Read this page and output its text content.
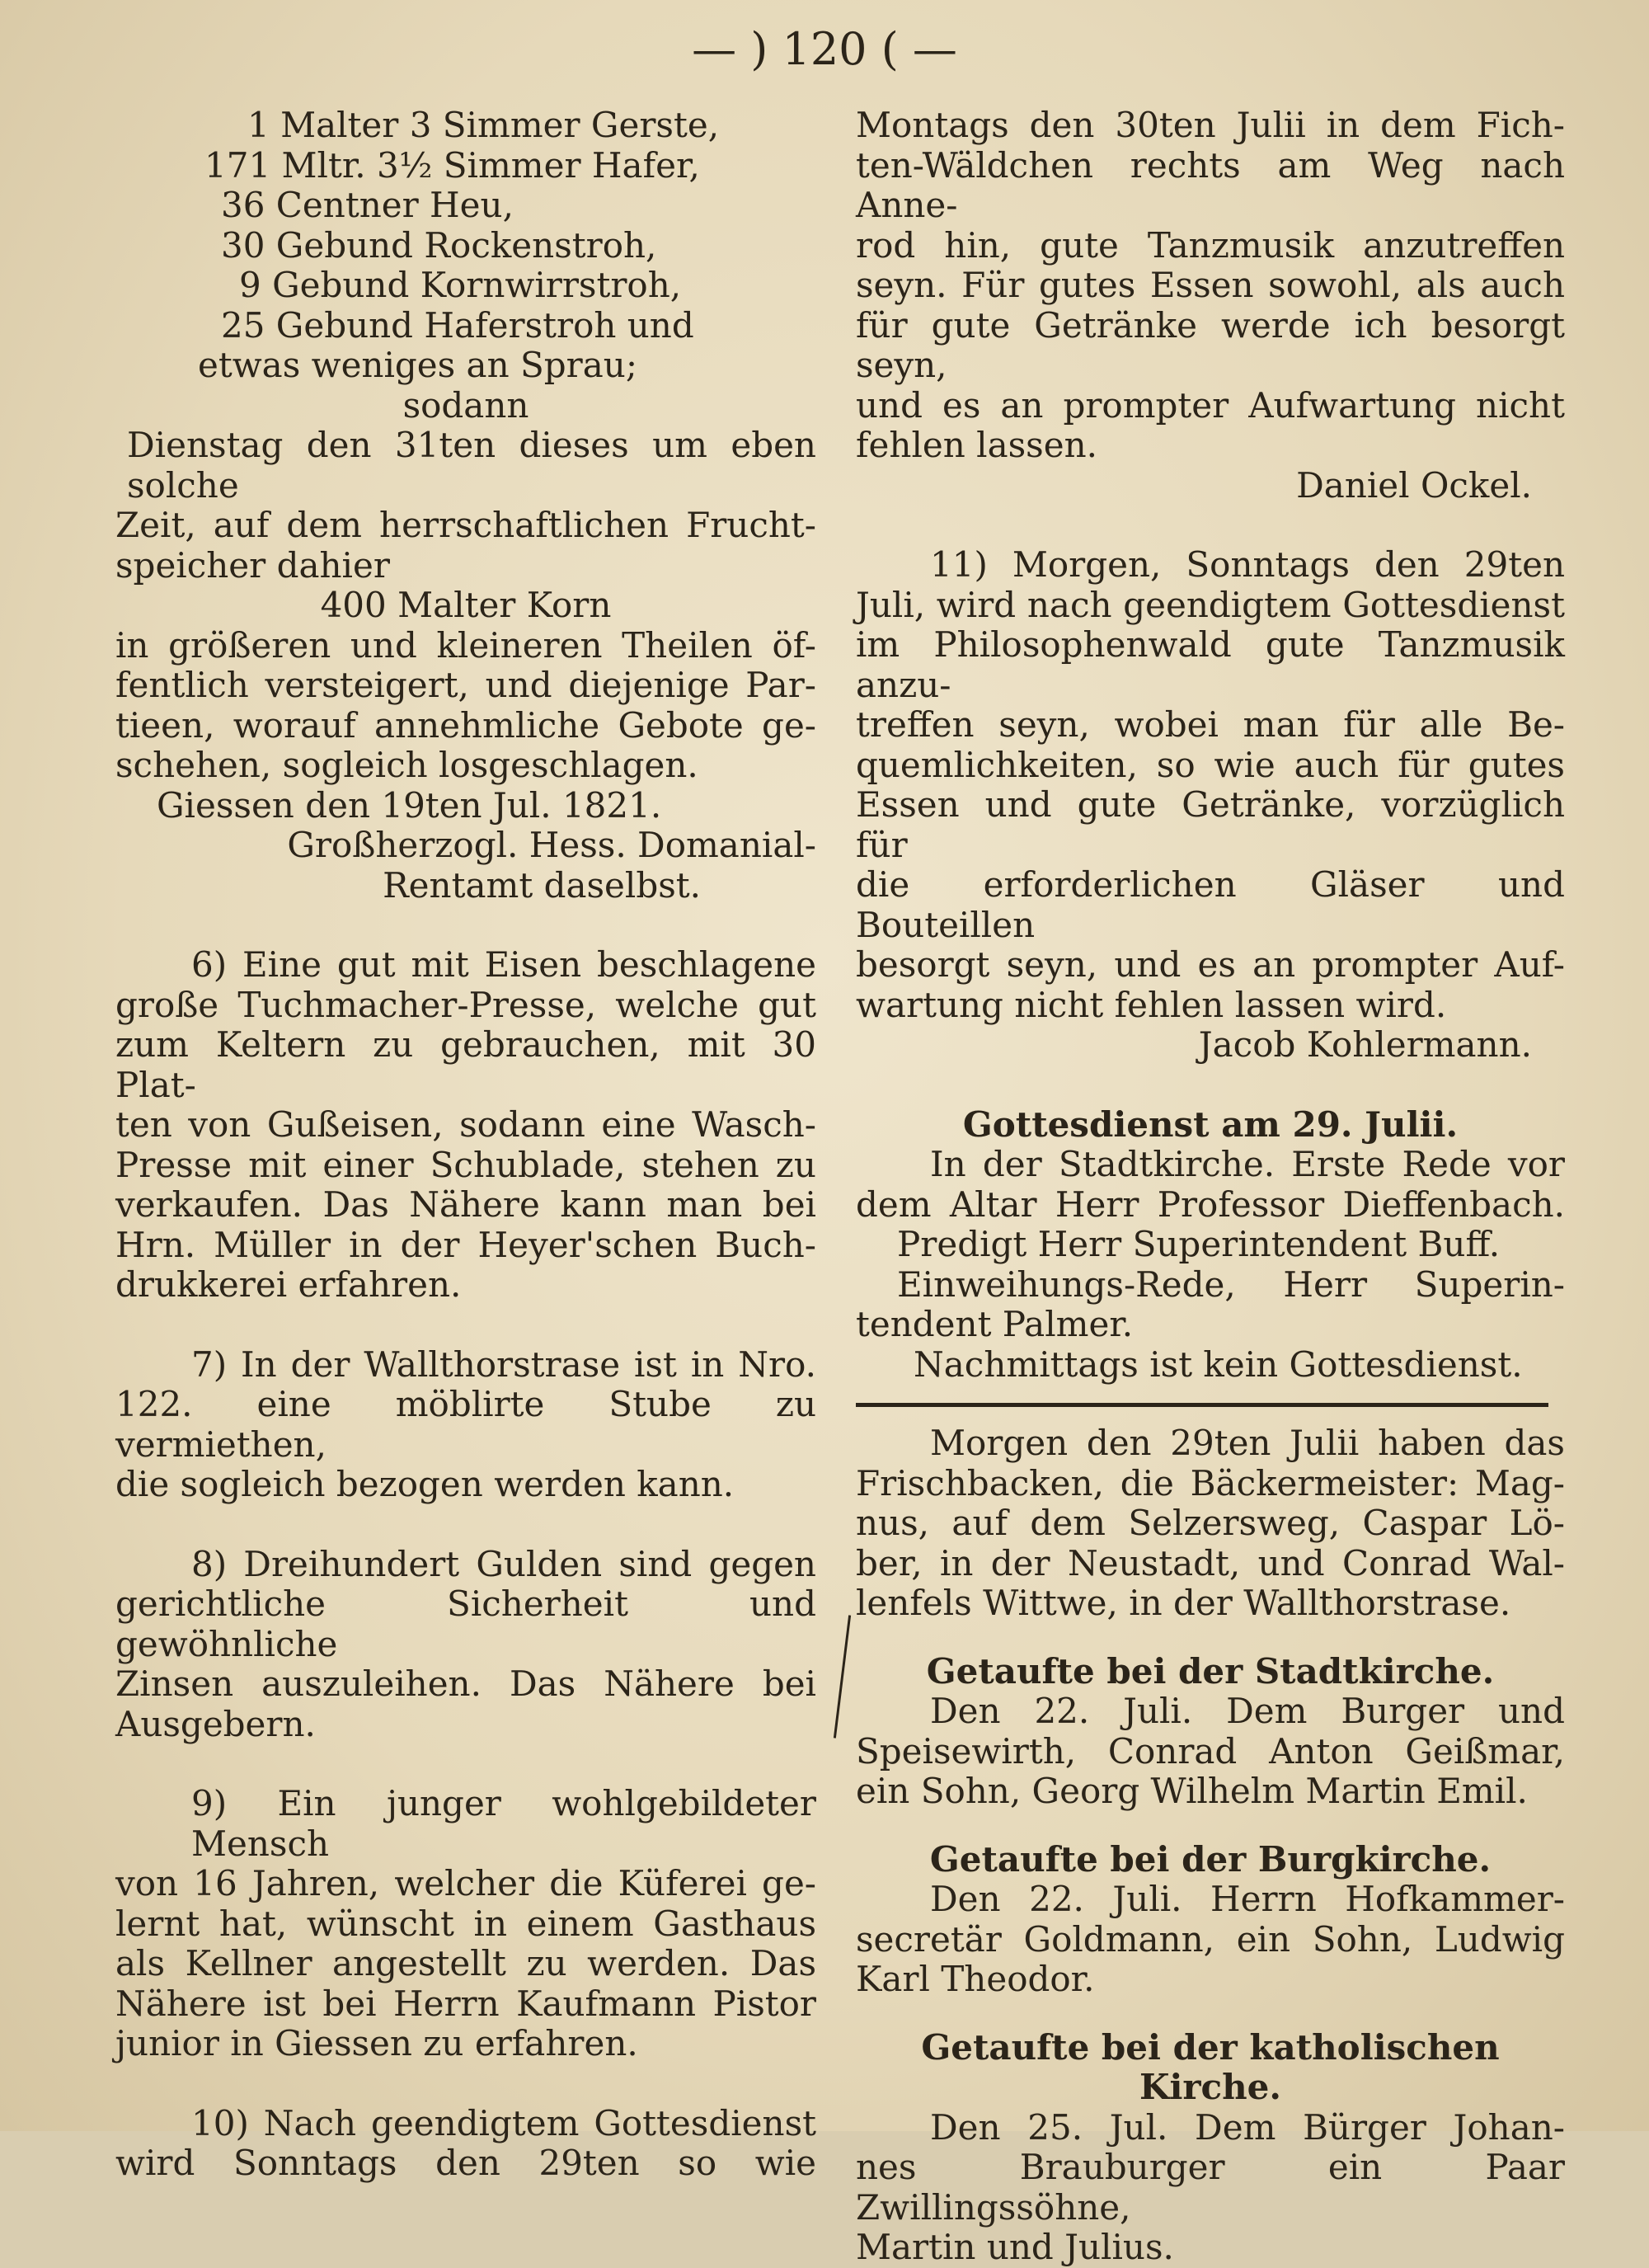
— ) 120 ( —

1 Malter 3 Simmer Gerste,

171 Mltr. 3½ Simmer Hafer,

36 Centner Heu,

30 Gebund Rockenstroh,

9 Gebund Kornwirrstroh,

25 Gebund Haferstroh und

etwas weniges an Sprau;

sodann

Dienstag den 31ten dieses um eben solche

Zeit, auf dem herrschaftlichen Frucht-

speicher dahier

400 Malter Korn

in größeren und kleineren Theilen öf-

fentlich versteigert, und diejenige Par-

tieen, worauf annehmliche Gebote ge-

schehen, sogleich losgeschlagen.

Giessen den 19ten Jul. 1821.

Großherzogl. Hess. Domanial-

Rentamt daselbst.

6) Eine gut mit Eisen beschlagene

große Tuchmacher-Presse, welche gut

zum Keltern zu gebrauchen, mit 30 Plat-

ten von Gußeisen, sodann eine Wasch-

Presse mit einer Schublade, stehen zu

verkaufen. Das Nähere kann man bei

Hrn. Müller in der Heyer'schen Buch-

drukkerei erfahren.

7) In der Wallthorstrase ist in Nro.

122. eine möblirte Stube zu vermiethen,

die sogleich bezogen werden kann.

8) Dreihundert Gulden sind gegen

gerichtliche Sicherheit und gewöhnliche

Zinsen auszuleihen. Das Nähere bei

Ausgebern.

9) Ein junger wohlgebildeter Mensch

von 16 Jahren, welcher die Küferei ge-

lernt hat, wünscht in einem Gasthaus

als Kellner angestellt zu werden. Das

Nähere ist bei Herrn Kaufmann Pistor

junior in Giessen zu erfahren.

10) Nach geendigtem Gottesdienst

wird Sonntags den 29ten so wie

Montags den 30ten Julii in dem Fich-

ten-Wäldchen rechts am Weg nach Anne-

rod hin, gute Tanzmusik anzutreffen

seyn. Für gutes Essen sowohl, als auch

für gute Getränke werde ich besorgt seyn,

und es an prompter Aufwartung nicht

fehlen lassen.

Daniel Ockel.

11) Morgen, Sonntags den 29ten

Juli, wird nach geendigtem Gottesdienst

im Philosophenwald gute Tanzmusik anzu-

treffen seyn, wobei man für alle Be-

quemlichkeiten, so wie auch für gutes

Essen und gute Getränke, vorzüglich für

die erforderlichen Gläser und Bouteillen

besorgt seyn, und es an prompter Auf-

wartung nicht fehlen lassen wird.

Jacob Kohlermann.

Gottesdienst am 29. Julii.

In der Stadtkirche. Erste Rede vor

dem Altar Herr Professor Dieffenbach.

Predigt Herr Superintendent Buff.

Einweihungs-Rede, Herr Superin-

tendent Palmer.

Nachmittags ist kein Gottesdienst.

Morgen den 29ten Julii haben das

Frischbacken, die Bäckermeister: Mag-

nus, auf dem Selzersweg, Caspar Lö-

ber, in der Neustadt, und Conrad Wal-

lenfels Wittwe, in der Wallthorstrase.

Getaufte bei der Stadtkirche.

Den 22. Juli. Dem Burger und

Speisewirth, Conrad Anton Geißmar,

ein Sohn, Georg Wilhelm Martin Emil.

Getaufte bei der Burgkirche.

Den 22. Juli. Herrn Hofkammer-

secretär Goldmann, ein Sohn, Ludwig

Karl Theodor.

Getaufte bei der katholischen Kirche.

Den 25. Jul. Dem Bürger Johan-

nes Brauburger ein Paar Zwillingssöhne,

Martin und Julius.
